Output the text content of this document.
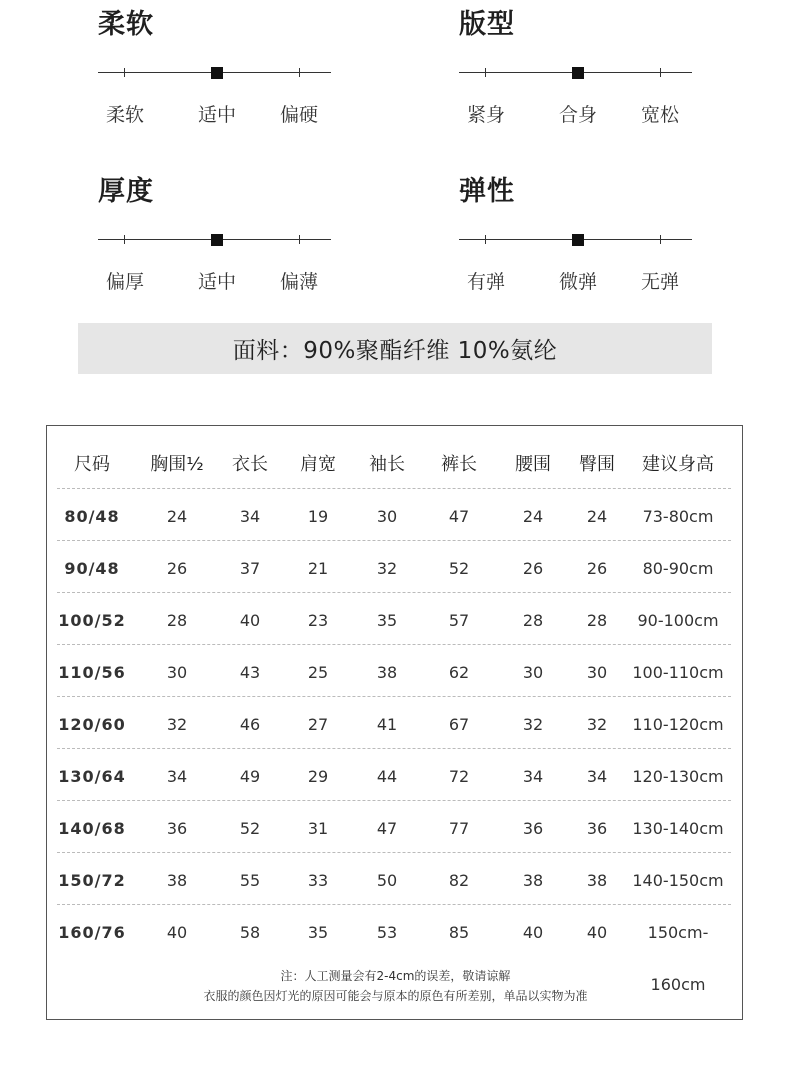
柔软
柔软	适中	偏硬
版型
紧身	合身	宽松
厚度
偏厚	适中	偏薄
弹性
有弹	微弹	无弹
面料：90%聚酯纤维 10%氨纶
尺码	胸围½	衣长	肩宽	袖长	裤长	腰围	臀围	建议身高
80/48	24	34	19	30	47	24	24	73-80cm
90/48	26	37	21	32	52	26	26	80-90cm
100/52	28	40	23	35	57	28	28	90-100cm
110/56	30	43	25	38	62	30	30	100-110cm
120/60	32	46	27	41	67	32	32	110-120cm
130/64	34	49	29	44	72	34	34	120-130cm
140/68	36	52	31	47	77	36	36	130-140cm
150/72	38	55	33	50	82	38	38	140-150cm
160/76	40	58	35	53	85	40	40	150cm-160cm
注：人工测量会有2-4cm的误差，敬请谅解
衣服的颜色因灯光的原因可能会与原本的原色有所差别，单品以实物为准
